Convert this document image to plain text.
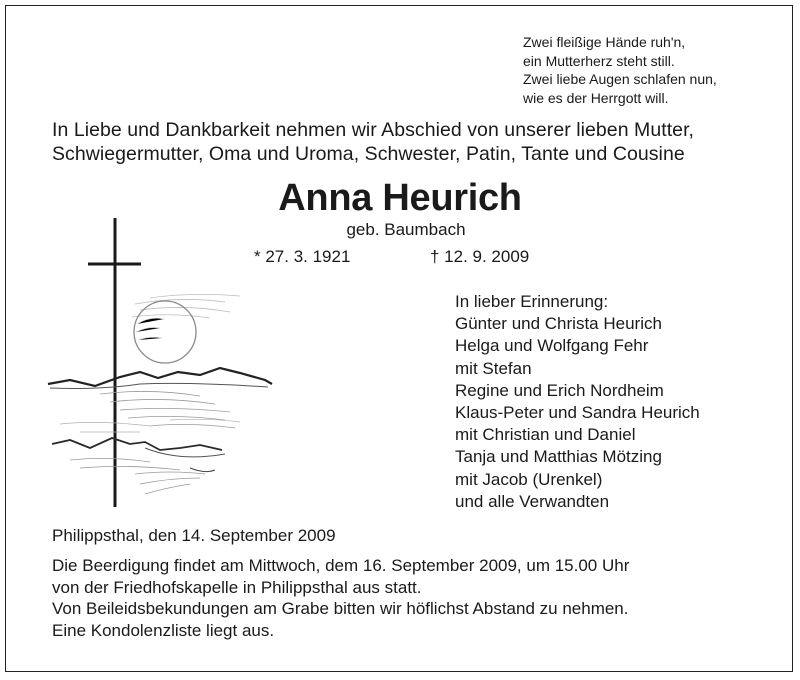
Zwei fleißige Hände ruh'n,
ein Mutterherz steht still.
Zwei liebe Augen schlafen nun,
wie es der Herrgott will.
In Liebe und Dankbarkeit nehmen wir Abschied von unserer lieben Mutter,
Schwiegermutter, Oma und Uroma, Schwester, Patin, Tante und Cousine
Anna Heurich
geb. Baumbach
* 27. 3. 1921	† 12. 9. 2009
In lieber Erinnerung:
Günter und Christa Heurich
Helga und Wolfgang Fehr
mit Stefan
Regine und Erich Nordheim
Klaus-Peter und Sandra Heurich
mit Christian und Daniel
Tanja und Matthias Mötzing
mit Jacob (Urenkel)
und alle Verwandten
Philippsthal, den 14. September 2009
Die Beerdigung findet am Mittwoch, dem 16. September 2009, um 15.00 Uhr
von der Friedhofskapelle in Philippsthal aus statt.
Von Beileidsbekundungen am Grabe bitten wir höflichst Abstand zu nehmen.
Eine Kondolenzliste liegt aus.
